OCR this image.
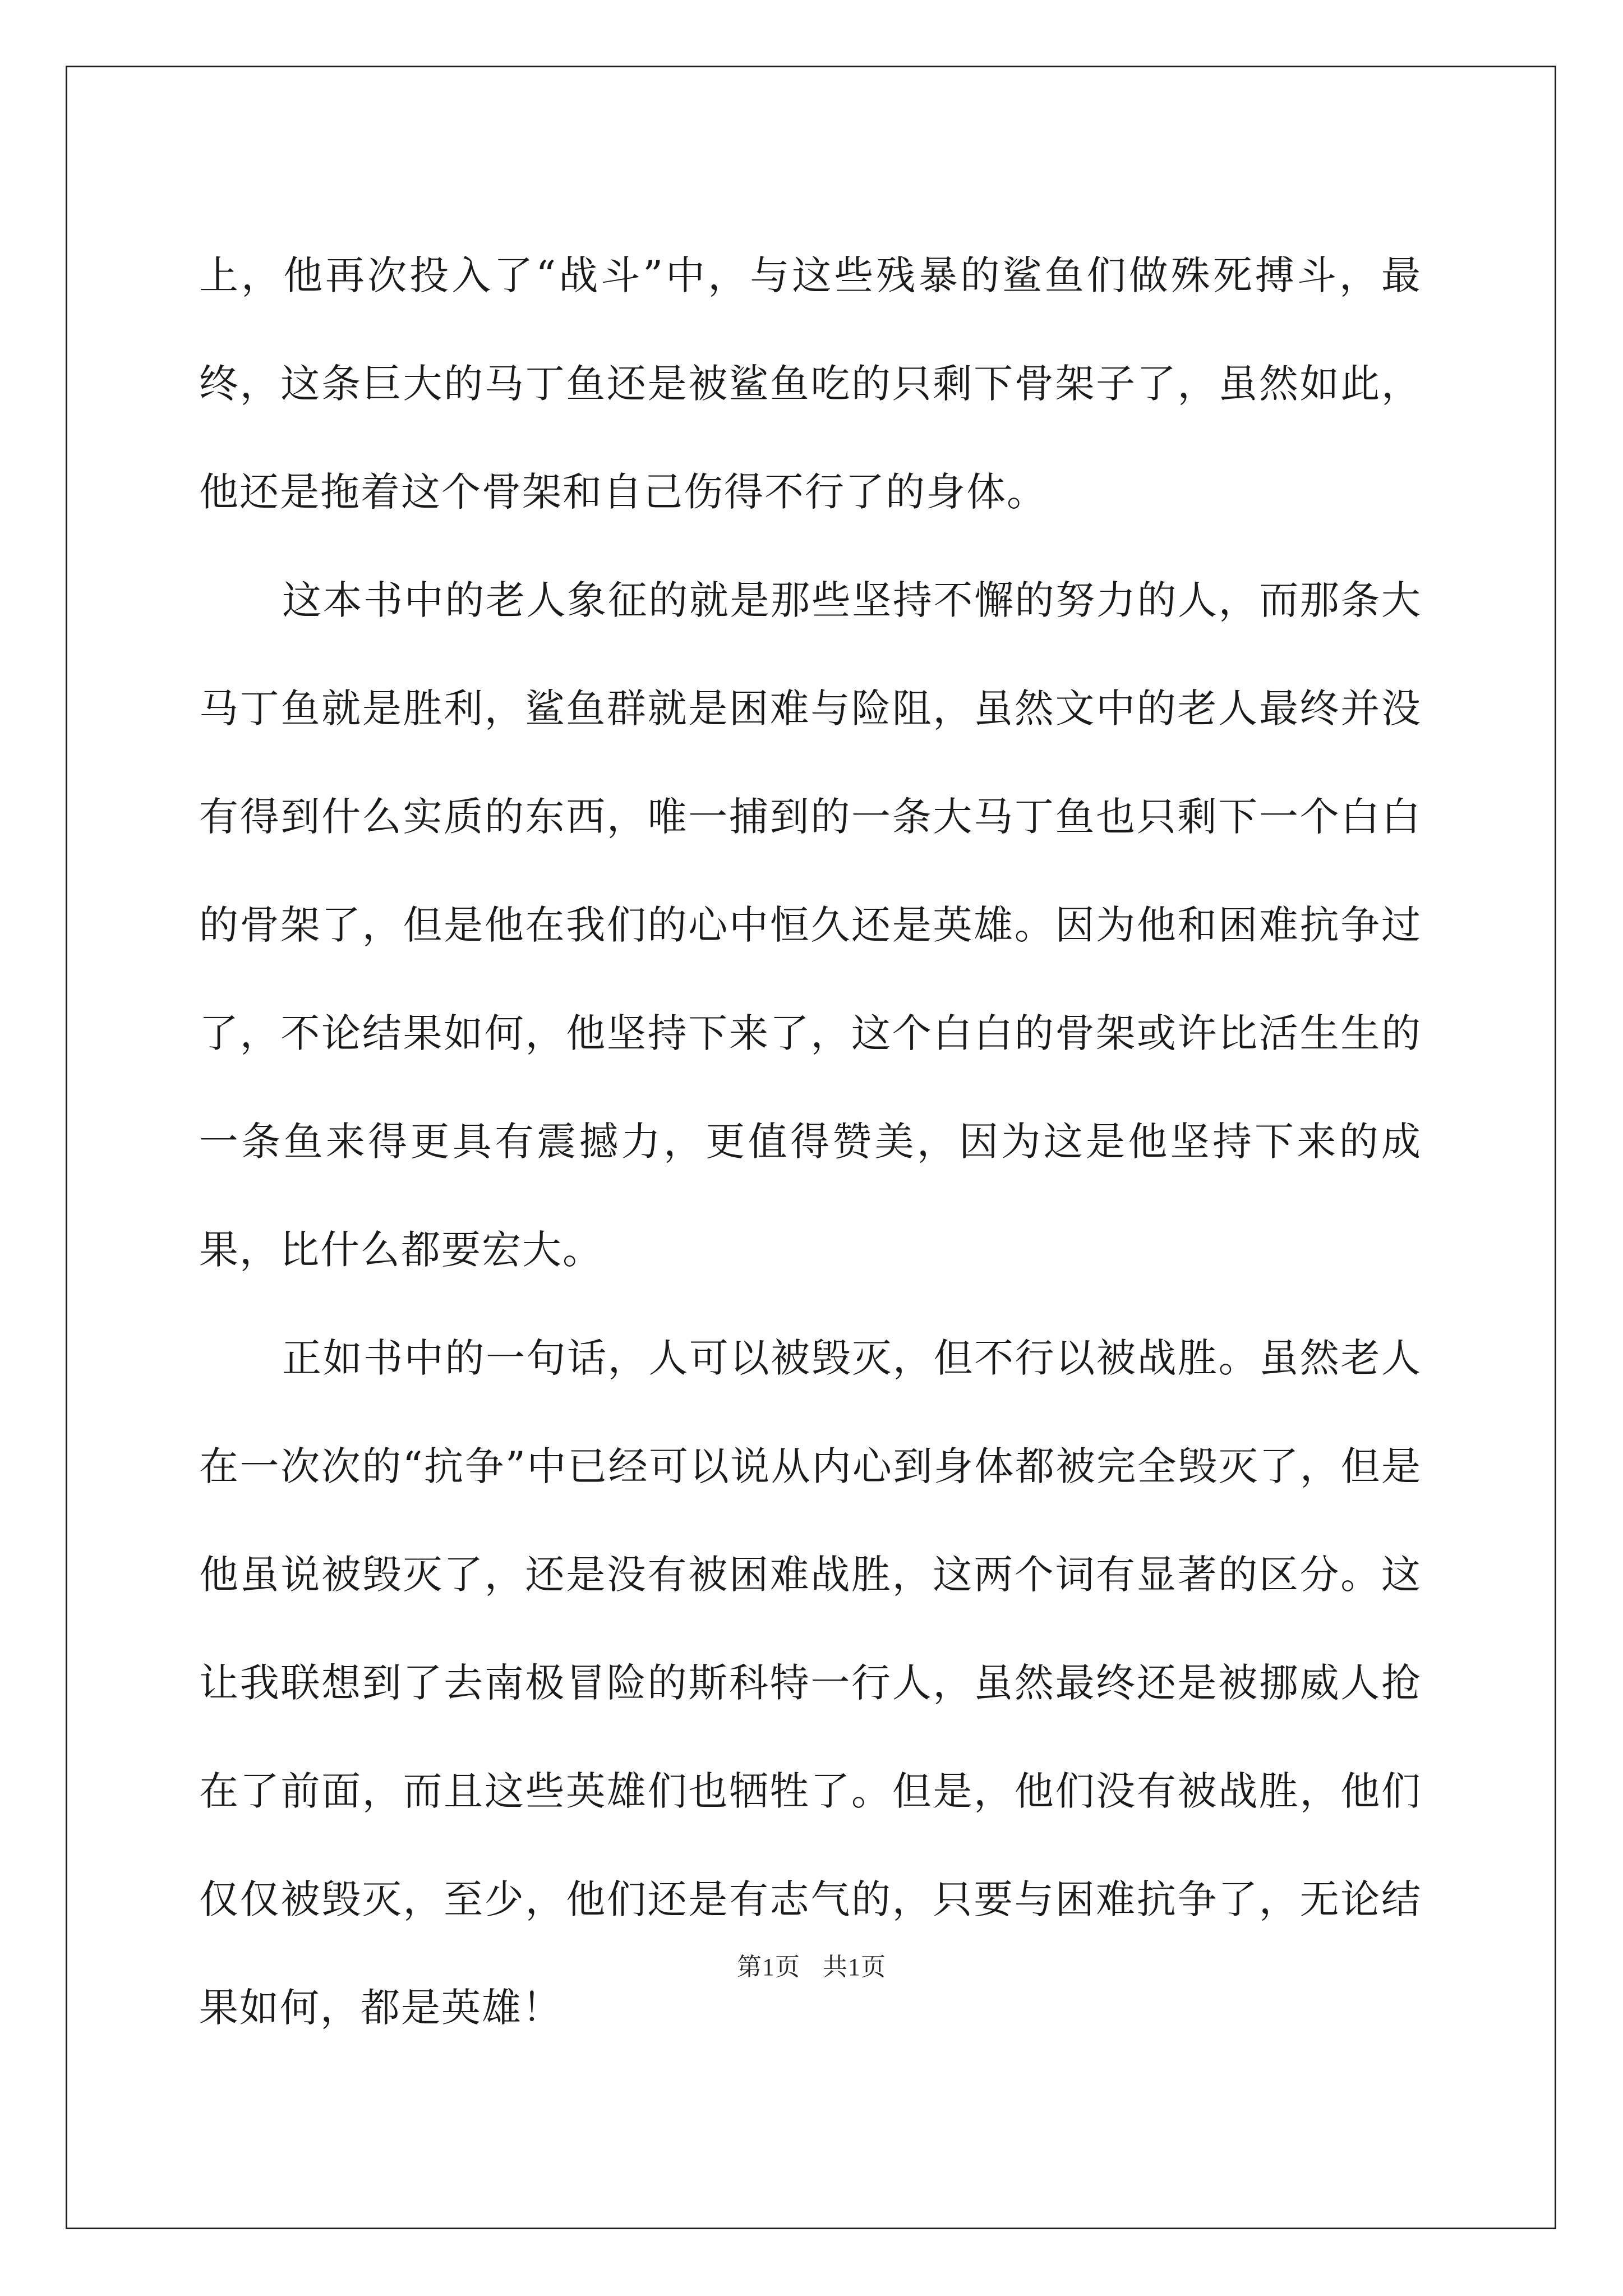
上，他再次投入了“战斗”中，与这些残暴的鲨鱼们做殊死搏斗，最终，这条巨大的马丁鱼还是被鲨鱼吃的只剩下骨架子了，虽然如此，他还是拖着这个骨架和自己伤得不行了的身体。

这本书中的老人象征的就是那些坚持不懈的努力的人，而那条大马丁鱼就是胜利，鲨鱼群就是困难与险阻，虽然文中的老人最终并没有得到什么实质的东西，唯一捕到的一条大马丁鱼也只剩下一个白白的骨架了，但是他在我们的心中恒久还是英雄。因为他和困难抗争过了，不论结果如何，他坚持下来了，这个白白的骨架或许比活生生的一条鱼来得更具有震撼力，更值得赞美，因为这是他坚持下来的成果，比什么都要宏大。

正如书中的一句话，人可以被毁灭，但不行以被战胜。虽然老人在一次次的“抗争”中已经可以说从内心到身体都被完全毁灭了，但是他虽说被毁灭了，还是没有被困难战胜，这两个词有显著的区分。这让我联想到了去南极冒险的斯科特一行人，虽然最终还是被挪威人抢在了前面，而且这些英雄们也牺牲了。但是，他们没有被战胜，他们仅仅被毁灭，至少，他们还是有志气的，只要与困难抗争了，无论结果如何，都是英雄！

第1页 共1页
